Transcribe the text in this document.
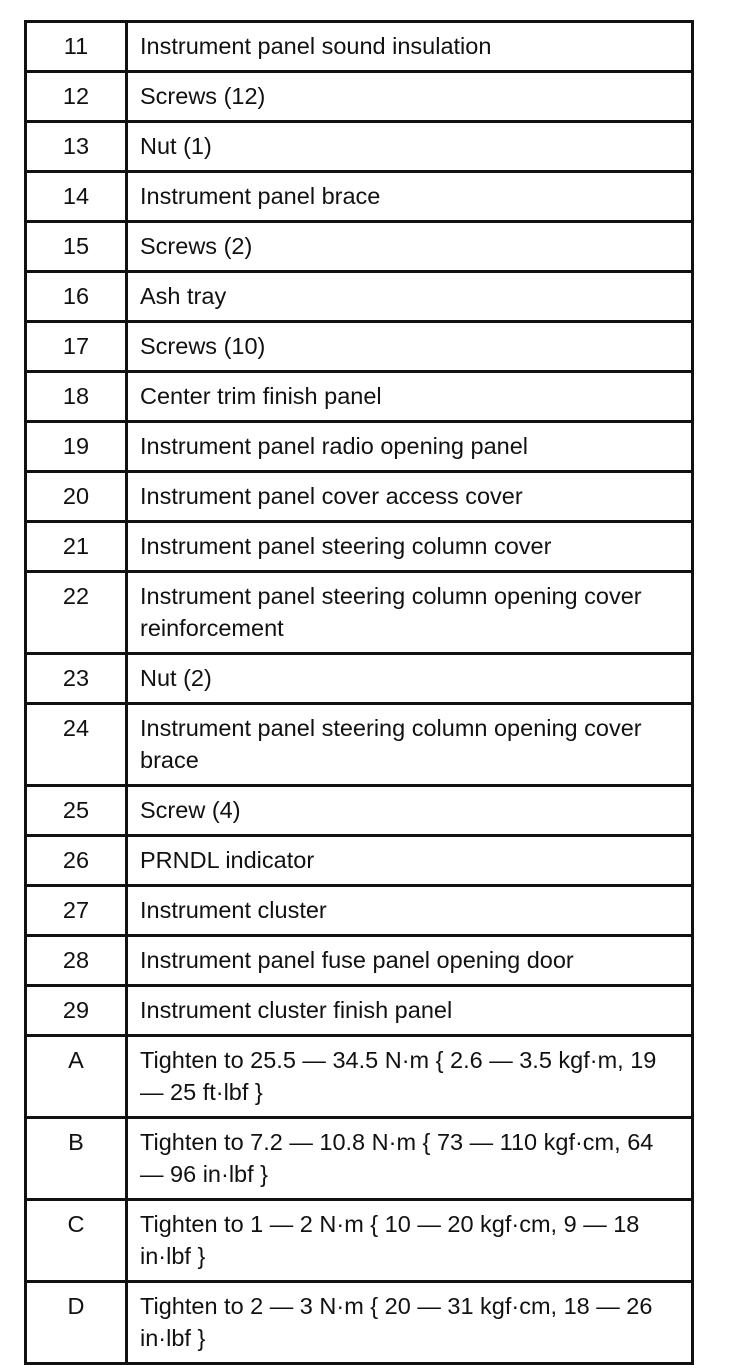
11	Instrument panel sound insulation
12	Screws (12)
13	Nut (1)
14	Instrument panel brace
15	Screws (2)
16	Ash tray
17	Screws (10)
18	Center trim finish panel
19	Instrument panel radio opening panel
20	Instrument panel cover access cover
21	Instrument panel steering column cover
22	Instrument panel steering column opening cover reinforcement
23	Nut (2)
24	Instrument panel steering column opening cover brace
25	Screw (4)
26	PRNDL indicator
27	Instrument cluster
28	Instrument panel fuse panel opening door
29	Instrument cluster finish panel
A	Tighten to 25.5 — 34.5 N·m { 2.6 — 3.5 kgf·m, 19 — 25 ft·lbf }
B	Tighten to 7.2 — 10.8 N·m { 73 — 110 kgf·cm, 64 — 96 in·lbf }
C	Tighten to 1 — 2 N·m { 10 — 20 kgf·cm, 9 — 18 in·lbf }
D	Tighten to 2 — 3 N·m { 20 — 31 kgf·cm, 18 — 26 in·lbf }
